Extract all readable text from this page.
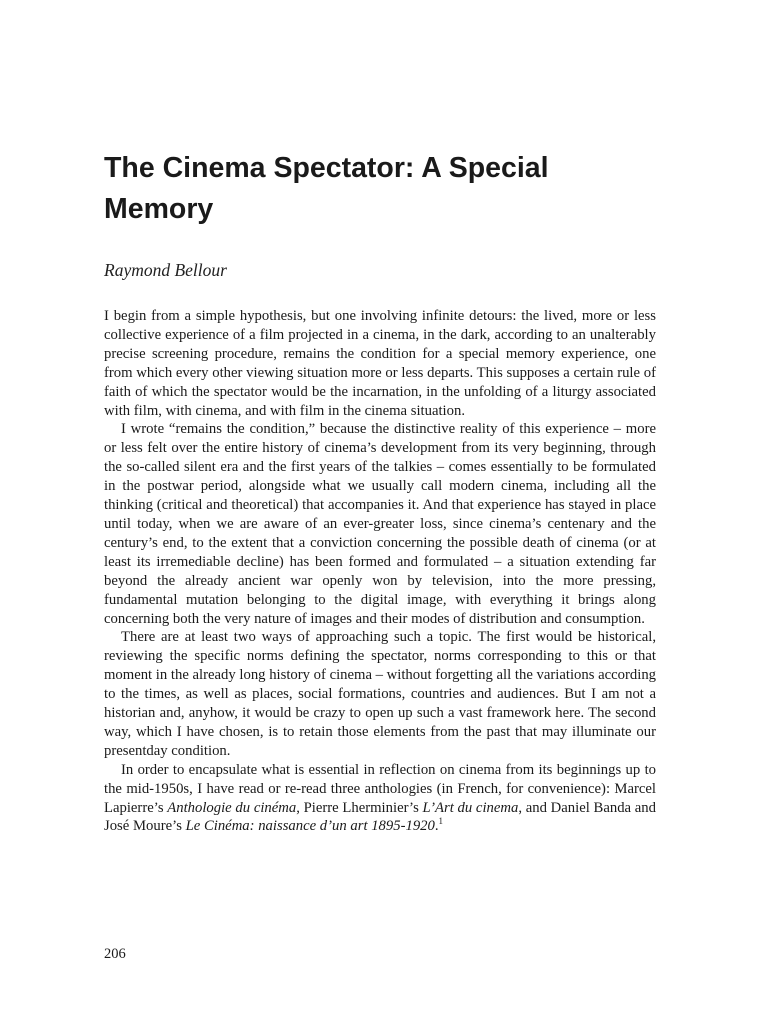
The Cinema Spectator: A Special Memory
Raymond Bellour

I begin from a simple hypothesis, but one involving infinite detours: the lived, more or less collective experience of a film projected in a cinema, in the dark, according to an unalterably precise screening procedure, remains the condition for a special memory experience, one from which every other viewing situation more or less departs. This supposes a certain rule of faith of which the spectator would be the incarnation, in the unfolding of a liturgy associated with film, with cinema, and with film in the cinema situation.

I wrote “remains the condition,” because the distinctive reality of this experience – more or less felt over the entire history of cinema’s development from its very beginning, through the so-called silent era and the first years of the talkies – comes essentially to be formulated in the postwar period, alongside what we usually call modern cinema, including all the thinking (critical and theoretical) that accompanies it. And that experience has stayed in place until today, when we are aware of an ever-greater loss, since cinema’s centenary and the century’s end, to the extent that a conviction concerning the possible death of cinema (or at least its irremediable decline) has been formed and formulated – a situation extending far beyond the already ancient war openly won by television, into the more pressing, fundamental mutation belonging to the digital image, with everything it brings along concerning both the very nature of images and their modes of distribution and consumption.

There are at least two ways of approaching such a topic. The first would be historical, reviewing the specific norms defining the spectator, norms corresponding to this or that moment in the already long history of cinema – without forgetting all the variations according to the times, as well as places, social formations, countries and audiences. But I am not a historian and, anyhow, it would be crazy to open up such a vast framework here. The second way, which I have chosen, is to retain those elements from the past that may illuminate our presentday condition.

In order to encapsulate what is essential in reflection on cinema from its beginnings up to the mid-1950s, I have read or re-read three anthologies (in French, for convenience): Marcel Lapierre’s Anthologie du cinéma, Pierre Lherminier’s L’Art du cinema, and Daniel Banda and José Moure’s Le Cinéma: naissance d’un art 1895-1920.$^1$

206
